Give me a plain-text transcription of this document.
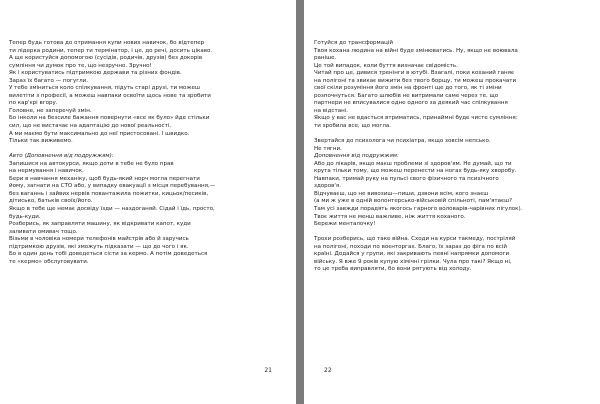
Тепер будь готова до отримання купи нових навичок, бо відтепер
ти лідерка родини, тепер ти термінатор, і це, до речі, досить цікаво.
А ще користуйся допомогою (сусідів, родичів, друзів) без докорів
сумління чи думок про те, що незручно. Зручно!
Як і користуватись підтримкою держави та різних фондів.
Зараз їх багато — погугли.
У тебе зміниться коло спілкування, підуть старі друзі, ти можеш
вилетіти з професії, а можеш навпаки освоїти щось нове та зробити
по кар'єрі вгору.
Головне, не заперечуй змін.
Бо інколи на безсиле бажання повернути «все як було» йде стільки
сил, що не вистачає на адаптацію до нової реальності.
А ми маємо бути максимально до неї пристосовані. І швидко.
Тільки так виживемо.
Авто (Доповнення від подружжям):
Запишися на автокурси, якщо доти в тебе не було прав
на нермування і навичок.
Бери в навчання механіку, щоб будь-який норч могла перегнати
йому, загнати на СТО або, у випадку евакуації з місця перебування,—
без ваганнь і зайвих нервів повантажила пожитки, кицьок/песиків,
дітисько, батьків своїх/його.
Якщо в тебе ще немає досвіду їзди — наздоганяй. Сідай і їдь, просто,
будь-куди.
Розберись, як заправляти машину, як відкривати капот, куди
заливати омивач тощо.
Візьми в чоловіка номери телефонів майстрів або й заручись
підтримкою друзів, які зможуть підказати — що до чого і як.
Бо в один день тобі доведеться сісти за кермо. А потім доведеться
те «кермо» обслуговувати.
21
Готуйся до трансформацій
Твоя кохана людина на війні буде змінюватись. Ну, якщо не воювала
раніше.
Це той випадок, коли буття визначає свідомість.
Читай про це, дивися тренінги в ютубі. Взагалі, поки коханий ганяє
на полігоні та звикає вижити без твого борщу, ти можеш прокачати
свої скіли розуміння його змін на фронті ще до того, як ті зміни
розпочнуться. Багато шлюбів не витримали саме через те, що
партнери не вписувалися одне одного за деякий час спілкування
на відстані.
Якщо у вас не вдасться втриматись, принаймні буде чисте сумління:
ти зробила все, що могла.
Звертайся до психолога чи психіатра, якщо зовсім непсько.
Не тягни.
Доповнення від подружжям:
Або до лікарів, якщо маєш проблеми зі здоров'ям. Не думай, що ти
крута тільки тому, що можеш перенести на ногах будь-яку хворобу.
Навпаки, тримай руку на пульсі свого фізичного та психічного
здоров'я.
Відчуваєш, що не вивозиш—пиши, дзвони всім, кого знаєш
(а ми ж уже в одній волонтерсько-військовій спільноті, пам'ятаєш?
Там усі завжди порадять якогось гарного воловарів-чарівних пігулок).
Твоє життя не менш важливе, ніж життя коханого.
Бережи менталочку!
Трохи розберись, що таке війна. Сходи на курси такмеду, постріляй
на полігоні, походи по воєнторгах. Благо, їх зараз до фіга по всій
країні. Додайся у групи, які закривають певні напрямки допомоги
війську. Я вже 9 років купую хімічні грілки. Чула про такі? Якщо ні,
то це треба виправляти, бо вони рятують від холоду.
22
